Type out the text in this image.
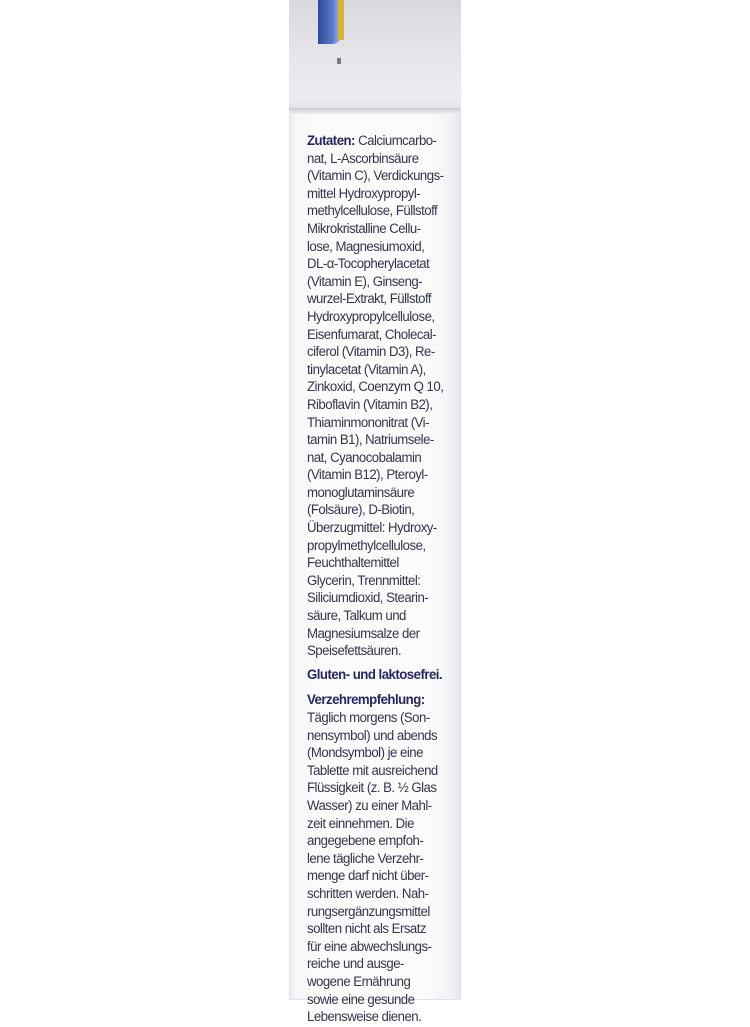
Zutaten: Calciumcarbo-
nat, L-Ascorbinsäure
(Vitamin C), Verdickungs-
mittel Hydroxypropyl-
methylcellulose, Füllstoff
Mikrokristalline Cellu-
lose, Magnesiumoxid,
DL-α-Tocopherylacetat
(Vitamin E), Ginseng-
wurzel-Extrakt, Füllstoff
Hydroxypropylcellulose,
Eisenfumarat, Cholecal-
ciferol (Vitamin D3), Re-
tinylacetat (Vitamin A),
Zinkoxid, Coenzym Q 10,
Riboflavin (Vitamin B2),
Thiaminmononitrat (Vi-
tamin B1), Natriumsele-
nat, Cyanocobalamin
(Vitamin B12), Pteroyl-
monoglutaminsäure
(Folsäure), D-Biotin,
Überzugmittel: Hydroxy-
propylmethylcellulose,
Feuchthaltemittel
Glycerin, Trennmittel:
Siliciumdioxid, Stearin-
säure, Talkum und
Magnesiumsalze der
Speisefettsäuren.
Gluten- und laktosefrei.
Verzehrempfehlung:
Täglich morgens (Son-
nensymbol) und abends
(Mondsymbol) je eine
Tablette mit ausreichend
Flüssigkeit (z. B. ½ Glas
Wasser) zu einer Mahl-
zeit einnehmen. Die
angegebene empfoh-
lene tägliche Verzehr-
menge darf nicht über-
schritten werden. Nah-
rungsergänzungsmittel
sollten nicht als Ersatz
für eine abwechslungs-
reiche und ausge-
wogene Ernährung
sowie eine gesunde
Lebensweise dienen.
